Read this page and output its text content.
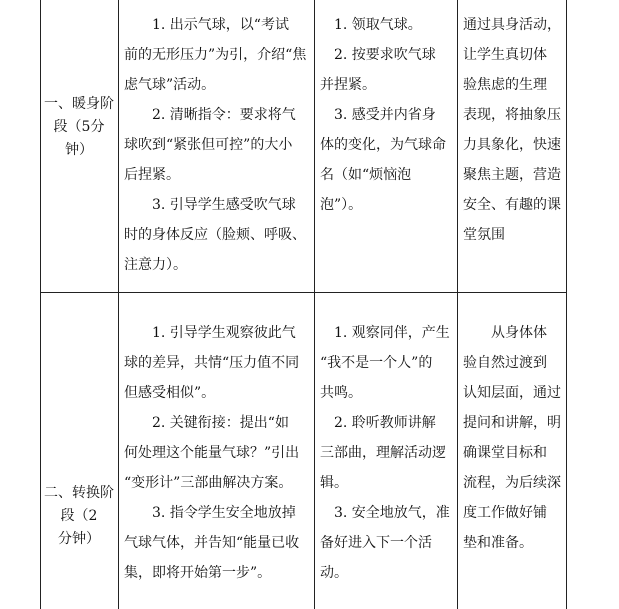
一、暖身阶
段（5分
钟）

1. 出示气球，以“考试

前的无形压力”为引，介绍“焦

虑气球”活动。

2. 清晰指令：要求将气

球吹到“紧张但可控”的大小

后捏紧。

3. 引导学生感受吹气球

时的身体反应（脸颊、呼吸、

注意力）。

1. 领取气球。

2. 按要求吹气球

并捏紧。

3. 感受并内省身

体的变化，为气球命

名（如“烦恼泡泡”）。

通过具身活动，

让学生真切体

验焦虑的生理

表现，将抽象压

力具象化，快速

聚焦主题，营造

安全、有趣的课

堂氛围

二、转换阶
段（2
分钟）

1. 引导学生观察彼此气

球的差异，共情“压力值不同

但感受相似”。

2. 关键衔接：提出“如

何处理这个能量气球？”引出

“变形计”三部曲解决方案。

3. 指令学生安全地放掉

气球气体，并告知“能量已收

集，即将开始第一步”。

1. 观察同伴，产生

“我不是一个人”的

共鸣。

2. 聆听教师讲解

三部曲，理解活动逻

辑。

3. 安全地放气，准

备好进入下一个活

动。

从身体体

验自然过渡到

认知层面，通过

提问和讲解，明

确课堂目标和

流程，为后续深

度工作做好铺

垫和准备。
